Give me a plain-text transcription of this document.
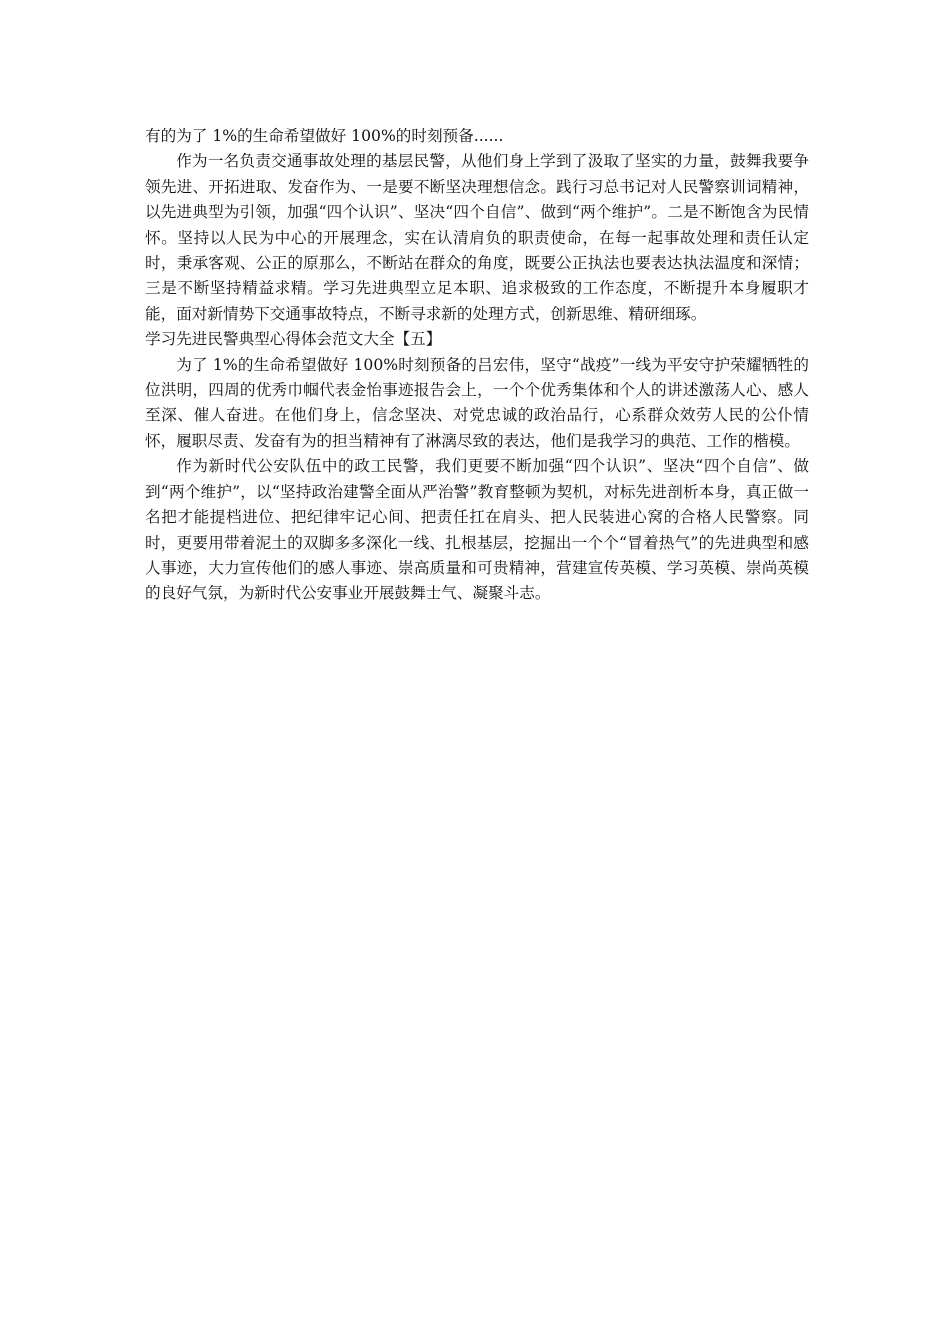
有的为了 1%的生命希望做好 100%的时刻预备......

作为一名负责交通事故处理的基层民警，从他们身上学到了汲取了坚实的力量，鼓舞我要争领先进、开拓进取、发奋作为、一是要不断坚决理想信念。践行习总书记对人民警察训词精神，以先进典型为引领，加强“四个认识”、坚决“四个自信”、做到“两个维护”。二是不断饱含为民情怀。坚持以人民为中心的开展理念，实在认清肩负的职责使命，在每一起事故处理和责任认定时，秉承客观、公正的原那么，不断站在群众的角度，既要公正执法也要表达执法温度和深情；三是不断坚持精益求精。学习先进典型立足本职、追求极致的工作态度，不断提升本身履职才能，面对新情势下交通事故特点，不断寻求新的处理方式，创新思维、精研细琢。

学习先进民警典型心得体会范文大全【五】

为了 1%的生命希望做好 100%时刻预备的吕宏伟，坚守“战疫”一线为平安守护荣耀牺牲的位洪明，四周的优秀巾帼代表金怡事迹报告会上，一个个优秀集体和个人的讲述激荡人心、感人至深、催人奋进。在他们身上，信念坚决、对党忠诚的政治品行，心系群众效劳人民的公仆情怀，履职尽责、发奋有为的担当精神有了淋漓尽致的表达，他们是我学习的典范、工作的楷模。

作为新时代公安队伍中的政工民警，我们更要不断加强“四个认识”、坚决“四个自信”、做到“两个维护”，以“坚持政治建警全面从严治警”教育整顿为契机，对标先进剖析本身，真正做一名把才能提档进位、把纪律牢记心间、把责任扛在肩头、把人民装进心窝的合格人民警察。同时，更要用带着泥土的双脚多多深化一线、扎根基层，挖掘出一个个“冒着热气”的先进典型和感人事迹，大力宣传他们的感人事迹、崇高质量和可贵精神，营建宣传英模、学习英模、崇尚英模的良好气氛，为新时代公安事业开展鼓舞士气、凝聚斗志。
